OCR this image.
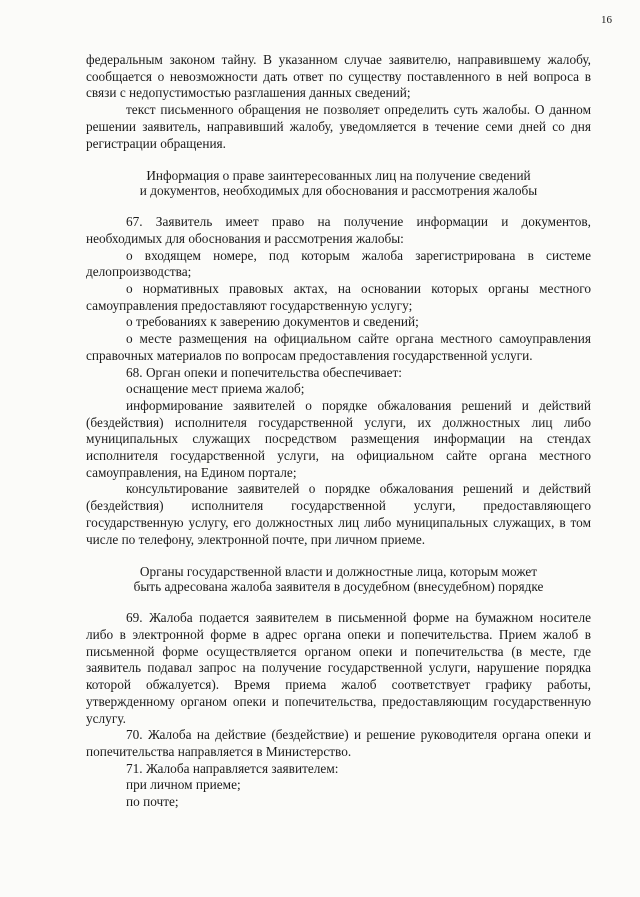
16

федеральным законом тайну. В указанном случае заявителю, направившему жалобу, сообщается о невозможности дать ответ по существу поставленного в ней вопроса в связи с недопустимостью разглашения данных сведений;

текст письменного обращения не позволяет определить суть жалобы. О данном решении заявитель, направивший жалобу, уведомляется в течение семи дней со дня регистрации обращения.

Информация о праве заинтересованных лиц на получение сведений
и документов, необходимых для обоснования и рассмотрения жалобы

67. Заявитель имеет право на получение информации и документов, необходимых для обоснования и рассмотрения жалобы:

о входящем номере, под которым жалоба зарегистрирована в системе делопроизводства;

о нормативных правовых актах, на основании которых органы местного самоуправления предоставляют государственную услугу;

о требованиях к заверению документов и сведений;

о месте размещения на официальном сайте органа местного самоуправления справочных материалов по вопросам предоставления государственной услуги.

68. Орган опеки и попечительства обеспечивает:

оснащение мест приема жалоб;

информирование заявителей о порядке обжалования решений и действий (бездействия) исполнителя государственной услуги, их должностных лиц либо муниципальных служащих посредством размещения информации на стендах исполнителя государственной услуги, на официальном сайте органа местного самоуправления, на Едином портале;

консультирование заявителей о порядке обжалования решений и действий (бездействия) исполнителя государственной услуги, предоставляющего государственную услугу, его должностных лиц либо муниципальных служащих, в том числе по телефону, электронной почте, при личном приеме.

Органы государственной власти и должностные лица, которым может
быть адресована жалоба заявителя в досудебном (внесудебном) порядке

69. Жалоба подается заявителем в письменной форме на бумажном носителе либо в электронной форме в адрес органа опеки и попечительства. Прием жалоб в письменной форме осуществляется органом опеки и попечительства (в месте, где заявитель подавал запрос на получение государственной услуги, нарушение порядка которой обжалуется). Время приема жалоб соответствует графику работы, утвержденному органом опеки и попечительства, предоставляющим государственную услугу.

70. Жалоба на действие (бездействие) и решение руководителя органа опеки и попечительства направляется в Министерство.

71. Жалоба направляется заявителем:

при личном приеме;

по почте;
